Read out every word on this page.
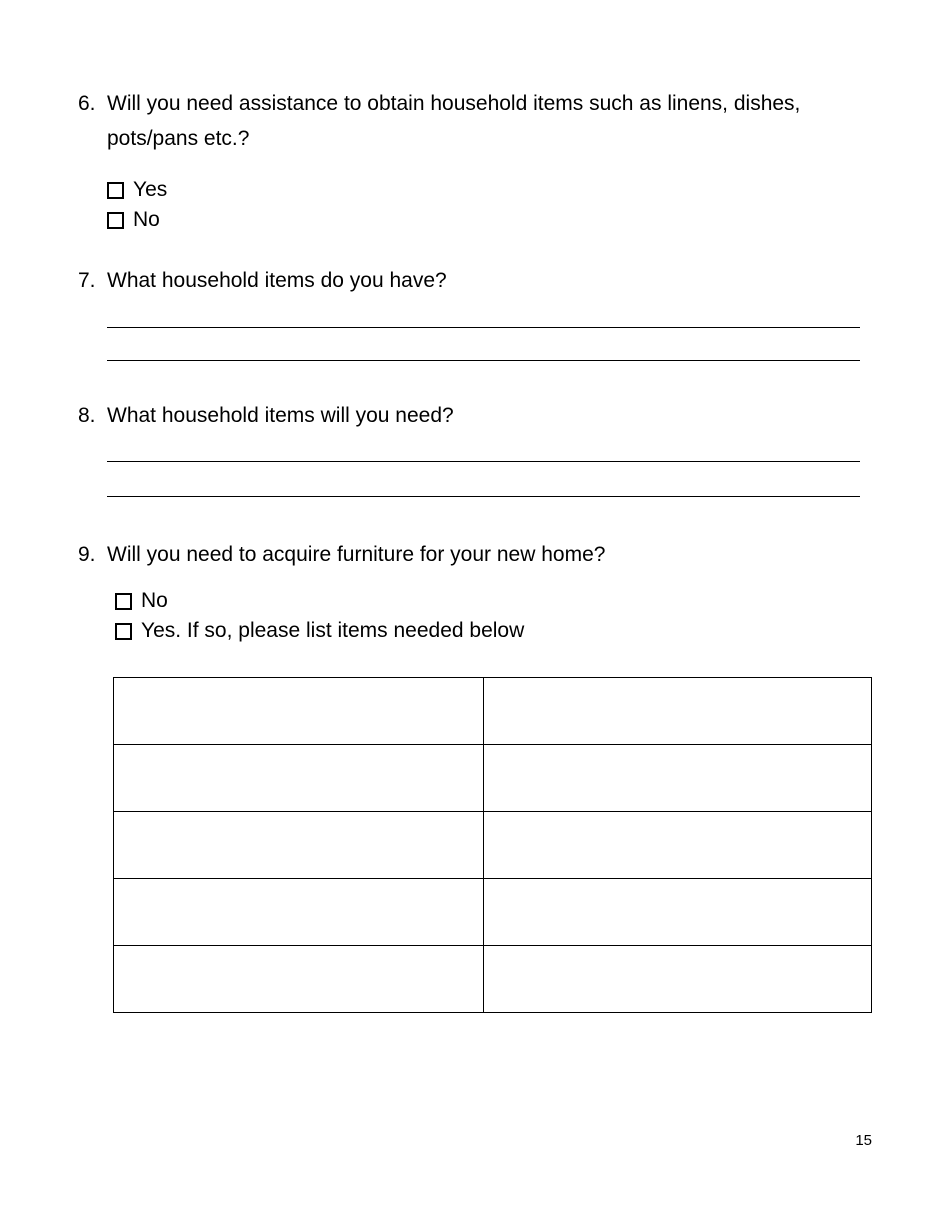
6. Will you need assistance to obtain household items such as linens, dishes, pots/pans etc.?
Yes
No
7. What household items do you have?
8. What household items will you need?
9. Will you need to acquire furniture for your new home?
No
Yes. If so, please list items needed below

15
